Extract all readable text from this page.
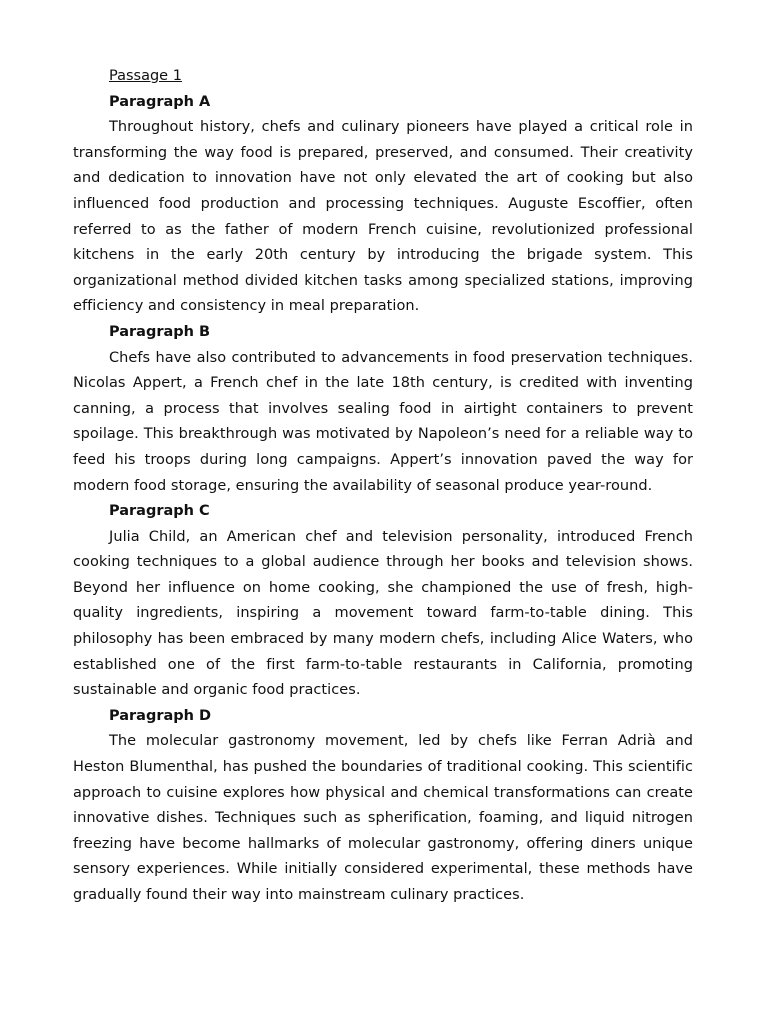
Passage 1
Paragraph A

Throughout history, chefs and culinary pioneers have played a critical role in transforming the way food is prepared, preserved, and consumed. Their creativity and dedication to innovation have not only elevated the art of cooking but also influenced food production and processing techniques. Auguste Escoffier, often referred to as the father of modern French cuisine, revolutionized professional kitchens in the early 20th century by introducing the brigade system. This organizational method divided kitchen tasks among specialized stations, improving efficiency and consistency in meal preparation.

Paragraph B

Chefs have also contributed to advancements in food preservation techniques. Nicolas Appert, a French chef in the late 18th century, is credited with inventing canning, a process that involves sealing food in airtight containers to prevent spoilage. This breakthrough was motivated by Napoleon’s need for a reliable way to feed his troops during long campaigns. Appert’s innovation paved the way for modern food storage, ensuring the availability of seasonal produce year-round.

Paragraph C

Julia Child, an American chef and television personality, introduced French cooking techniques to a global audience through her books and television shows. Beyond her influence on home cooking, she championed the use of fresh, high-quality ingredients, inspiring a movement toward farm-to-table dining. This philosophy has been embraced by many modern chefs, including Alice Waters, who established one of the first farm-to-table restaurants in California, promoting sustainable and organic food practices.

Paragraph D

The molecular gastronomy movement, led by chefs like Ferran Adrià and Heston Blumenthal, has pushed the boundaries of traditional cooking. This scientific approach to cuisine explores how physical and chemical transformations can create innovative dishes. Techniques such as spherification, foaming, and liquid nitrogen freezing have become hallmarks of molecular gastronomy, offering diners unique sensory experiences. While initially considered experimental, these methods have gradually found their way into mainstream culinary practices.
